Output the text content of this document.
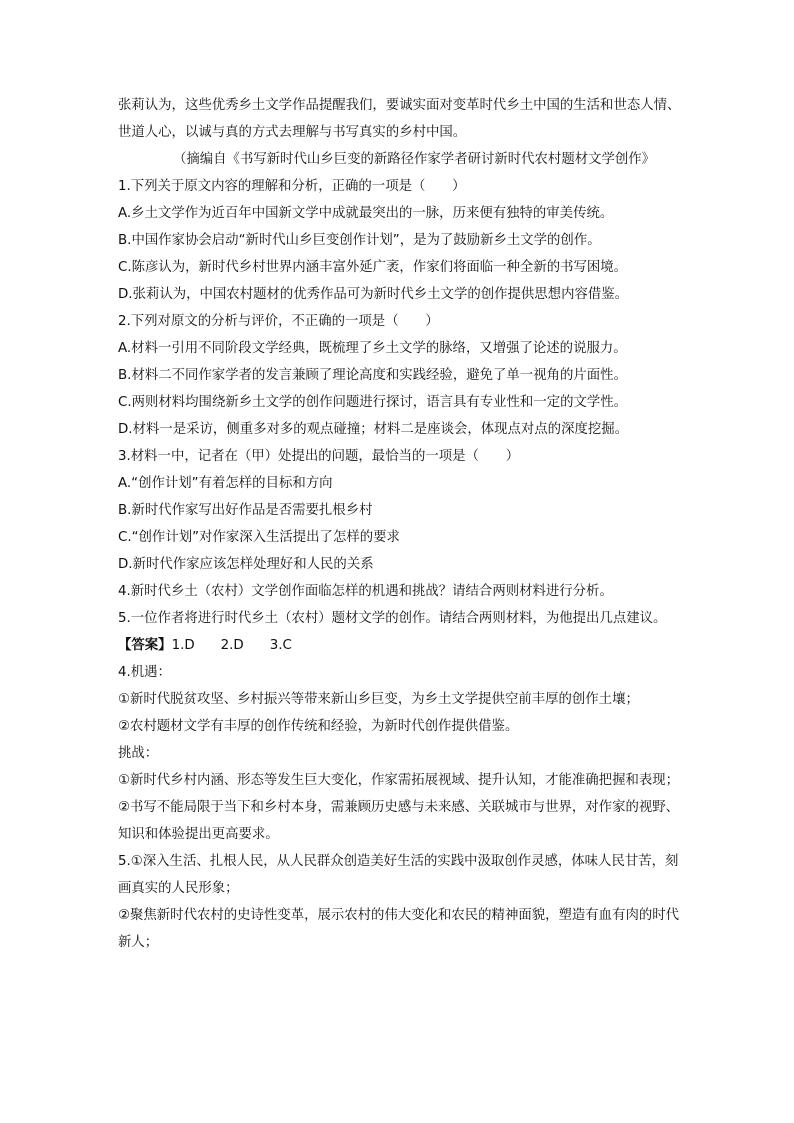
张莉认为，这些优秀乡土文学作品提醒我们，要诚实面对变革时代乡土中国的生活和世态人情、世道人心，以诚与真的方式去理解与书写真实的乡村中国。
（摘编自《书写新时代山乡巨变的新路径作家学者研讨新时代农村题材文学创作》
1.下列关于原文内容的理解和分析，正确的一项是（　　）
A.乡土文学作为近百年中国新文学中成就最突出的一脉，历来便有独特的审美传统。
B.中国作家协会启动“新时代山乡巨变创作计划”，是为了鼓励新乡土文学的创作。
C.陈彦认为，新时代乡村世界内涵丰富外延广袤，作家们将面临一种全新的书写困境。
D.张莉认为，中国农村题材的优秀作品可为新时代乡土文学的创作提供思想内容借鉴。
2.下列对原文的分析与评价，不正确的一项是（　　）
A.材料一引用不同阶段文学经典，既梳理了乡土文学的脉络，又增强了论述的说服力。
B.材料二不同作家学者的发言兼顾了理论高度和实践经验，避免了单一视角的片面性。
C.两则材料均围绕新乡土文学的创作问题进行探讨，语言具有专业性和一定的文学性。
D.材料一是采访，侧重多对多的观点碰撞；材料二是座谈会，体现点对点的深度挖掘。
3.材料一中，记者在（甲）处提出的问题，最恰当的一项是（　　）
A.“创作计划”有着怎样的目标和方向
B.新时代作家写出好作品是否需要扎根乡村
C.“创作计划”对作家深入生活提出了怎样的要求
D.新时代作家应该怎样处理好和人民的关系
4.新时代乡土（农村）文学创作面临怎样的机遇和挑战？请结合两则材料进行分析。
5.一位作者将进行时代乡土（农村）题材文学的创作。请结合两则材料，为他提出几点建议。
【答案】1.D 2.D 3.C
4.机遇：
①新时代脱贫攻坚、乡村振兴等带来新山乡巨变，为乡土文学提供空前丰厚的创作土壤；
②农村题材文学有丰厚的创作传统和经验，为新时代创作提供借鉴。
挑战：
①新时代乡村内涵、形态等发生巨大变化，作家需拓展视域、提升认知，才能准确把握和表现；
②书写不能局限于当下和乡村本身，需兼顾历史感与未来感、关联城市与世界，对作家的视野、知识和体验提出更高要求。
5.①深入生活、扎根人民，从人民群众创造美好生活的实践中汲取创作灵感，体味人民甘苦，刻画真实的人民形象；
②聚焦新时代农村的史诗性变革，展示农村的伟大变化和农民的精神面貌，塑造有血有肉的时代新人；
